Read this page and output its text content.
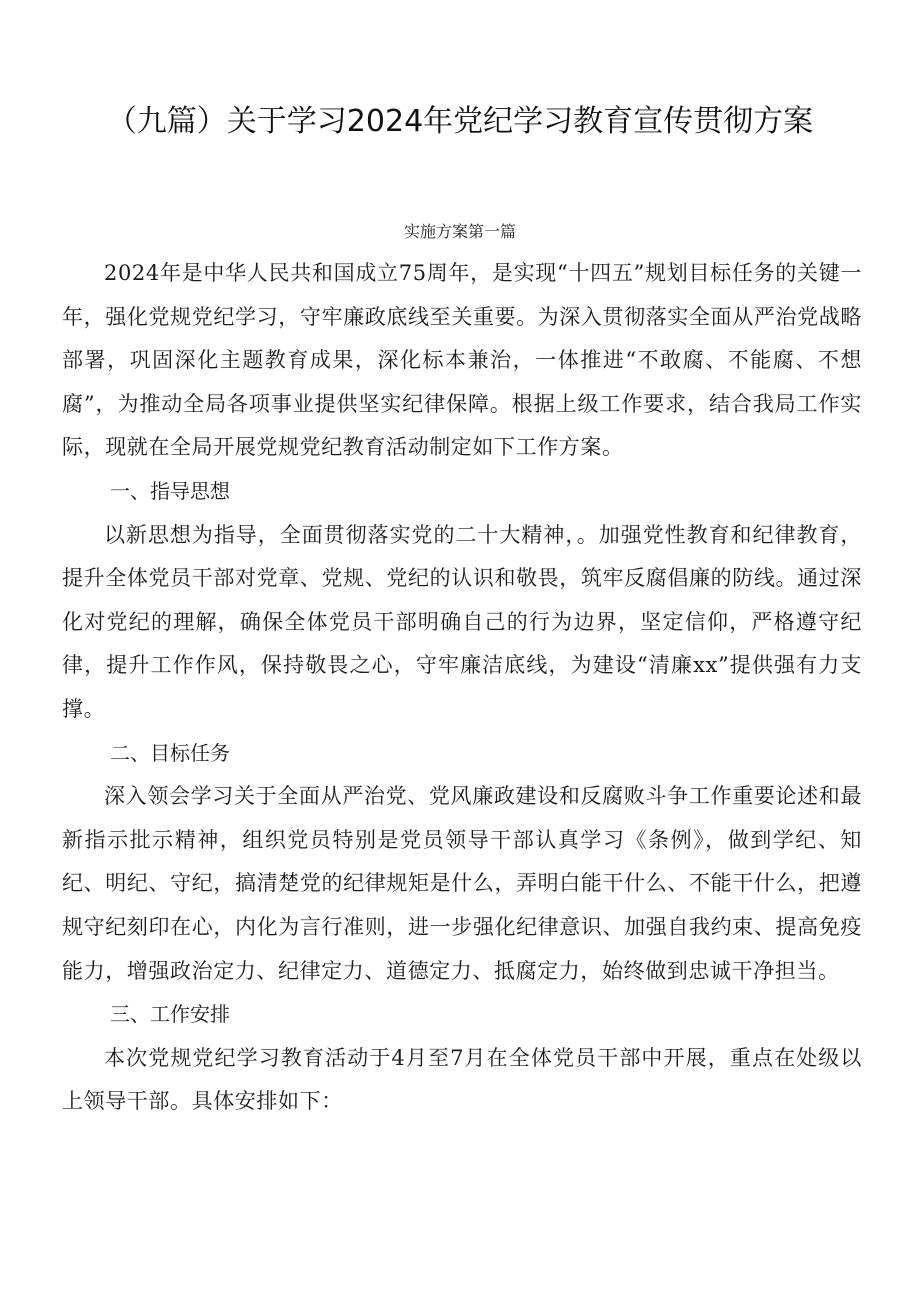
（九篇）关于学习2024年党纪学习教育宣传贯彻方案
实施方案第一篇

2024年是中华人民共和国成立75周年，是实现“十四五”规划目标任务的关键一年，强化党规党纪学习，守牢廉政底线至关重要。为深入贯彻落实全面从严治党战略部署，巩固深化主题教育成果，深化标本兼治，一体推进“不敢腐、不能腐、不想腐”，为推动全局各项事业提供坚实纪律保障。根据上级工作要求，结合我局工作实际，现就在全局开展党规党纪教育活动制定如下工作方案。

一、指导思想

以新思想为指导，全面贯彻落实党的二十大精神，。加强党性教育和纪律教育，提升全体党员干部对党章、党规、党纪的认识和敬畏，筑牢反腐倡廉的防线。通过深化对党纪的理解，确保全体党员干部明确自己的行为边界，坚定信仰，严格遵守纪律，提升工作作风，保持敬畏之心，守牢廉洁底线，为建设“清廉xx”提供强有力支撑。

二、目标任务

深入领会学习关于全面从严治党、党风廉政建设和反腐败斗争工作重要论述和最新指示批示精神，组织党员特别是党员领导干部认真学习《条例》，做到学纪、知纪、明纪、守纪，搞清楚党的纪律规矩是什么，弄明白能干什么、不能干什么，把遵规守纪刻印在心，内化为言行准则，进一步强化纪律意识、加强自我约束、提高免疫能力，增强政治定力、纪律定力、道德定力、抵腐定力，始终做到忠诚干净担当。

三、工作安排

本次党规党纪学习教育活动于4月至7月在全体党员干部中开展，重点在处级以上领导干部。具体安排如下：
